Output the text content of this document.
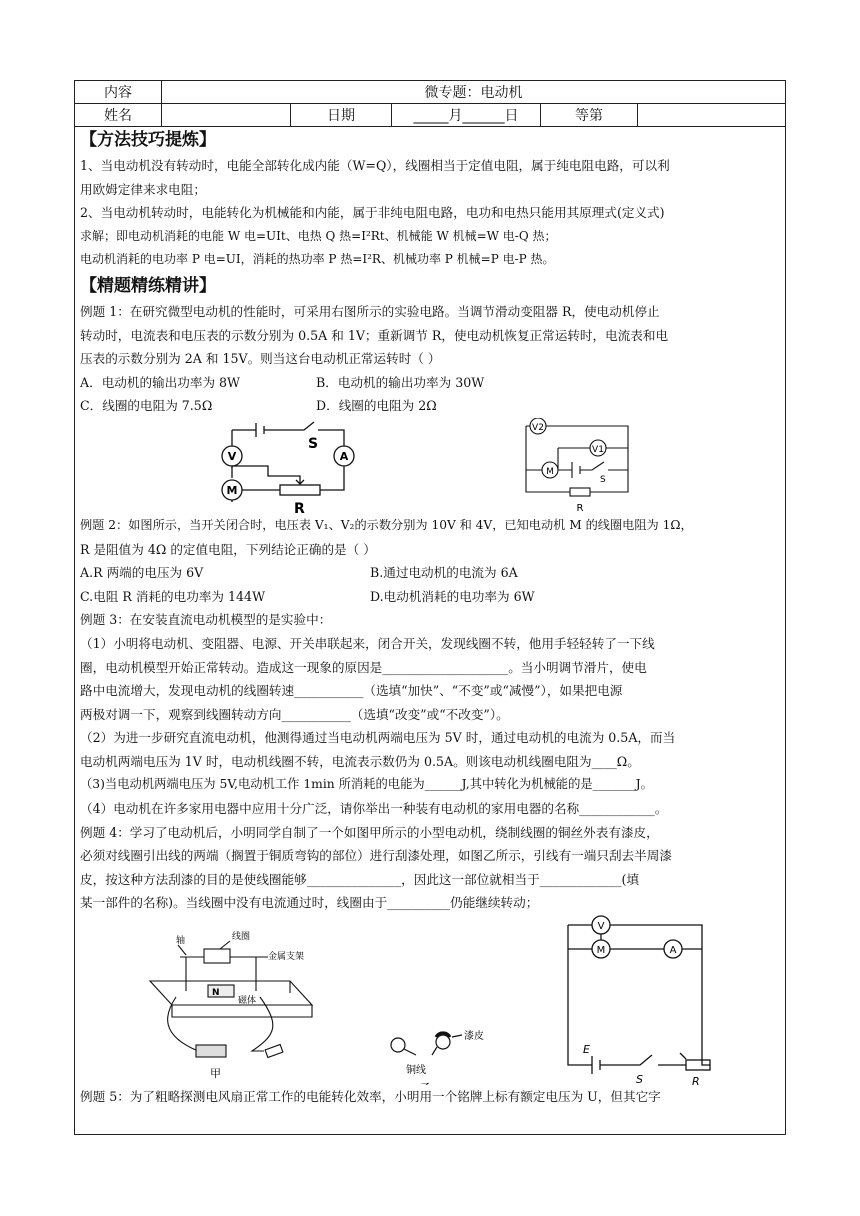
内容	微专题：电动机				
姓名		日期	_____月______日	等第	

【方法技巧提炼】

1、当电动机没有转动时，电能全部转化成内能（W=Q），线圈相当于定值电阻，属于纯电阻电路，可以利

用欧姆定律来求电阻；

2、当电动机转动时，电能转化为机械能和内能，属于非纯电阻电路，电功和电热只能用其原理式(定义式)

求解；即电动机消耗的电能 W 电=UIt、电热 Q 热=I²Rt、机械能 W 机械=W 电-Q 热；

电动机消耗的电功率 P 电=UI，消耗的热功率 P 热=I²R、机械功率 P 机械=P 电-P 热。

【精题精练精讲】

例题 1：在研究微型电动机的性能时，可采用右图所示的实验电路。当调节滑动变阻器 R，使电动机停止

转动时，电流表和电压表的示数分别为 0.5A 和 1V；重新调节 R，使电动机恢复正常运转时，电流表和电

压表的示数分别为 2A 和 15V。则当这台电动机正常运转时（ ）

A．电动机的输出功率为 8W	B．电动机的输出功率为 30W
C．线圈的电阻为 7.5Ω	D．线圈的电阻为 2Ω
V	A
M
S
R
V2
V1
M
S
R

例题 2：如图所示，当开关闭合时，电压表 V₁、V₂的示数分别为 10V 和 4V，已知电动机 M 的线圈电阻为 1Ω，

R 是阻值为 4Ω 的定值电阻，下列结论正确的是（ ）

A.R 两端的电压为 6V	B.通过电动机的电流为 6A
C.电阻 R 消耗的电功率为 144W	D.电动机消耗的电功率为 6W

例题 3：在安装直流电动机模型的是实验中：

（1）小明将电动机、变阻器、电源、开关串联起来，闭合开关，发现线圈不转，他用手轻轻转了一下线

圈，电动机模型开始正常转动。造成这一现象的原因是____________________。当小明调节滑片，使电

路中电流增大，发现电动机的线圈转速___________（选填“加快”、“不变”或“减慢”），如果把电源

两极对调一下，观察到线圈转动方向___________（选填“改变”或“不改变”）。

（2）为进一步研究直流电动机，他测得通过当电动机两端电压为 5V 时，通过电动机的电流为 0.5A，而当

电动机两端电压为 1V 时，电动机线圈不转，电流表示数仍为 0.5A。则该电动机线圈电阻为____Ω。

（3)当电动机两端电压为 5V,电动机工作 1min 所消耗的电能为______J,其中转化为机械能的是_______J。

（4）电动机在许多家用电器中应用十分广泛，请你举出一种装有电动机的家用电器的名称____________。

例题 4：学习了电动机后，小明同学自制了一个如图甲所示的小型电动机，绕制线圈的铜丝外表有漆皮，

必须对线圈引出线的两端（搁置于铜质弯钩的部位）进行刮漆处理，如图乙所示，引线有一端只刮去半周漆

皮，按这种方法刮漆的目的是使线圈能够_______________，因此这一部位就相当于_____________(填

某一部件的名称)。当线圈中没有电流通过时，线圈由于__________仍能继续转动；

轴	线圈
金属支架
N
磁体
甲
漆皮
铜线
V
M	A
E
S	R

例题 5：为了粗略探测电风扇正常工作的电能转化效率，小明用一个铭牌上标有额定电压为 U，但其它字
